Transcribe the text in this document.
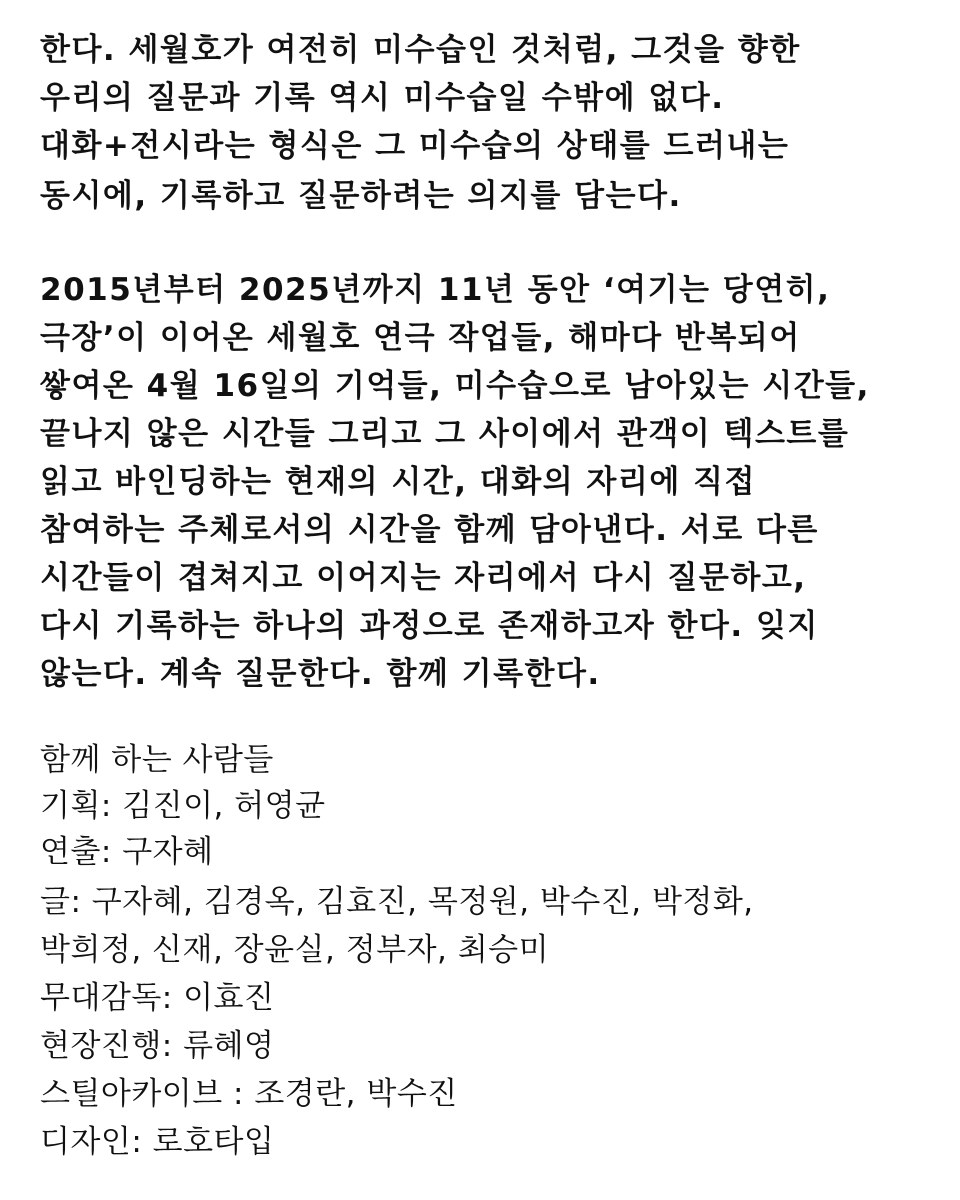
한다. 세월호가 여전히 미수습인 것처럼, 그것을 향한
우리의 질문과 기록 역시 미수습일 수밖에 없다.
대화+전시라는 형식은 그 미수습의 상태를 드러내는
동시에, 기록하고 질문하려는 의지를 담는다.
2015년부터 2025년까지 11년 동안 ‘여기는 당연히,
극장’이 이어온 세월호 연극 작업들, 해마다 반복되어
쌓여온 4월 16일의 기억들, 미수습으로 남아있는 시간들,
끝나지 않은 시간들 그리고 그 사이에서 관객이 텍스트를
읽고 바인딩하는 현재의 시간, 대화의 자리에 직접
참여하는 주체로서의 시간을 함께 담아낸다. 서로 다른
시간들이 겹쳐지고 이어지는 자리에서 다시 질문하고,
다시 기록하는 하나의 과정으로 존재하고자 한다. 잊지
않는다. 계속 질문한다. 함께 기록한다.
함께 하는 사람들
기획: 김진이, 허영균
연출: 구자혜
글: 구자혜, 김경옥, 김효진, 목정원, 박수진, 박정화,
박희정, 신재, 장윤실, 정부자, 최승미
무대감독: 이효진
현장진행: 류혜영
스틸아카이브 : 조경란, 박수진
디자인: 로호타입
